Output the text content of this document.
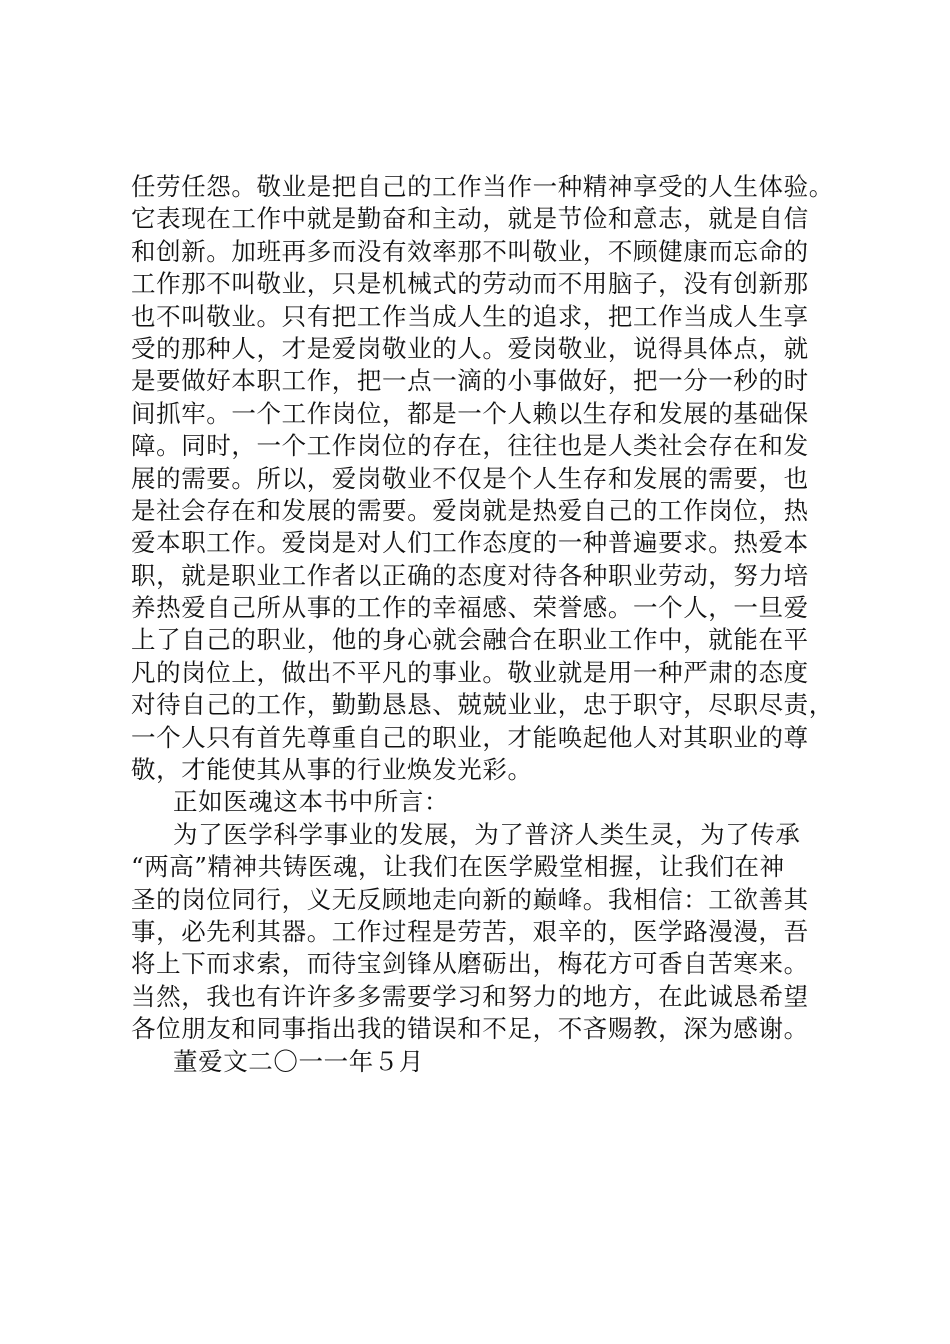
任劳任怨。敬业是把自己的工作当作一种精神享受的人生体验。
它表现在工作中就是勤奋和主动，就是节俭和意志，就是自信
和创新。加班再多而没有效率那不叫敬业，不顾健康而忘命的
工作那不叫敬业，只是机械式的劳动而不用脑子，没有创新那
也不叫敬业。只有把工作当成人生的追求，把工作当成人生享
受的那种人，才是爱岗敬业的人。爱岗敬业，说得具体点，就
是要做好本职工作，把一点一滴的小事做好，把一分一秒的时
间抓牢。一个工作岗位，都是一个人赖以生存和发展的基础保
障。同时，一个工作岗位的存在，往往也是人类社会存在和发
展的需要。所以，爱岗敬业不仅是个人生存和发展的需要，也
是社会存在和发展的需要。爱岗就是热爱自己的工作岗位，热
爱本职工作。爱岗是对人们工作态度的一种普遍要求。热爱本
职，就是职业工作者以正确的态度对待各种职业劳动，努力培
养热爱自己所从事的工作的幸福感、荣誉感。一个人，一旦爱
上了自己的职业，他的身心就会融合在职业工作中，就能在平
凡的岗位上，做出不平凡的事业。敬业就是用一种严肃的态度
对待自己的工作，勤勤恳恳、兢兢业业，忠于职守，尽职尽责，
一个人只有首先尊重自己的职业，才能唤起他人对其职业的尊
敬，才能使其从事的行业焕发光彩。
正如医魂这本书中所言：
为了医学科学事业的发展，为了普济人类生灵，为了传承
“两高”精神共铸医魂，让我们在医学殿堂相握，让我们在神
圣的岗位同行，义无反顾地走向新的巅峰。我相信：工欲善其
事，必先利其器。工作过程是劳苦，艰辛的，医学路漫漫，吾
将上下而求索，而待宝剑锋从磨砺出，梅花方可香自苦寒来。
当然，我也有许许多多需要学习和努力的地方，在此诚恳希望
各位朋友和同事指出我的错误和不足，不吝赐教，深为感谢。
董爱文二〇一一年５月
